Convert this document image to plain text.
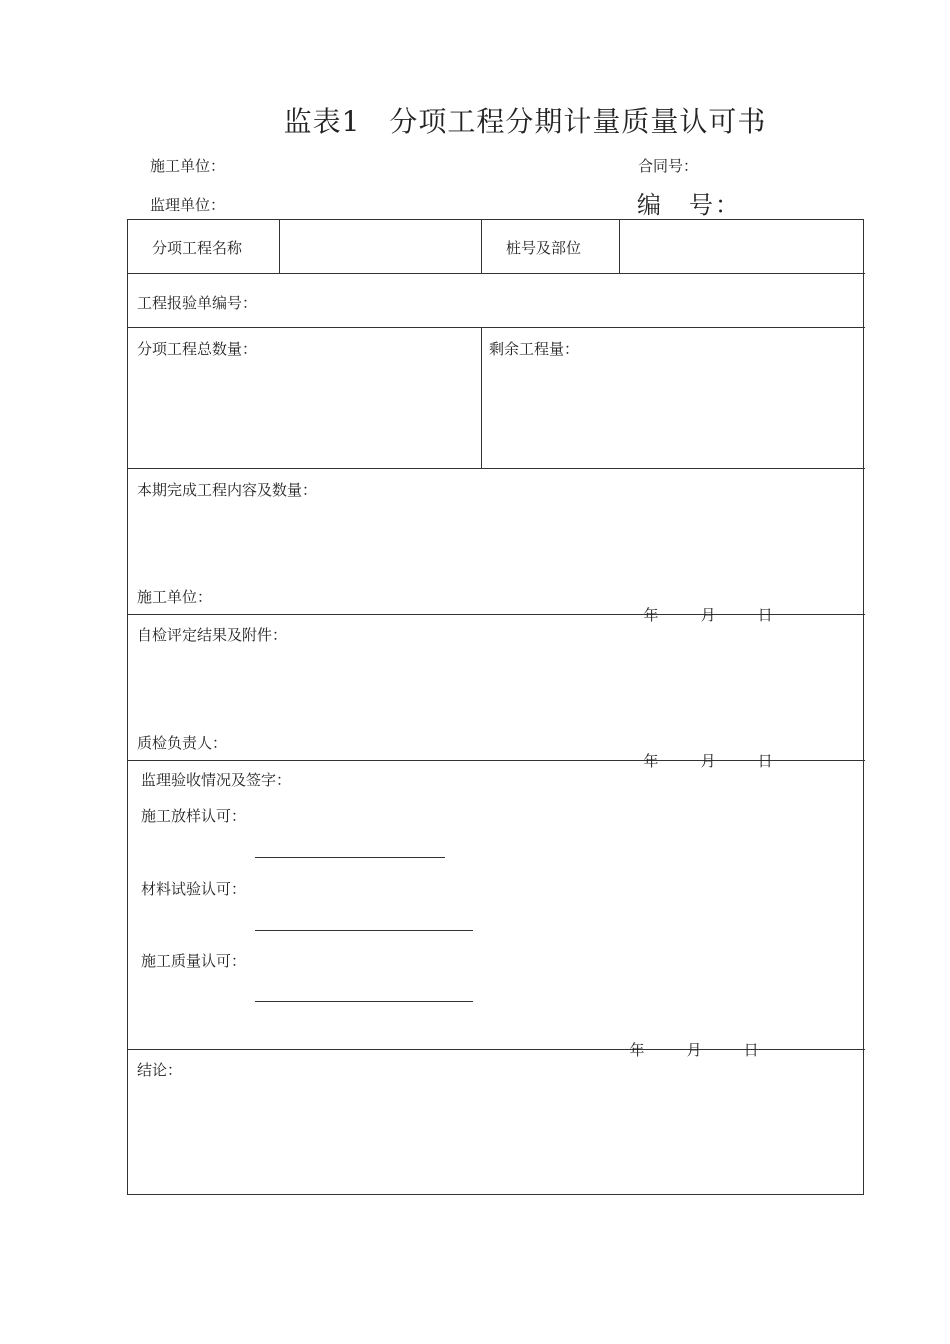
监表1　分项工程分期计量质量认可书
施工单位：	合同号：
监理单位：	编　号：
分项工程名称	桩号及部位
工程报验单编号：
分项工程总数量：	剩余工程量：
本期完成工程内容及数量：
施工单位：

年	月	日

自检评定结果及附件：
质检负责人：

年	月	日

监理验收情况及签字：
施工放样认可：
材料试验认可：
施工质量认可：

年	月	日

结论：
